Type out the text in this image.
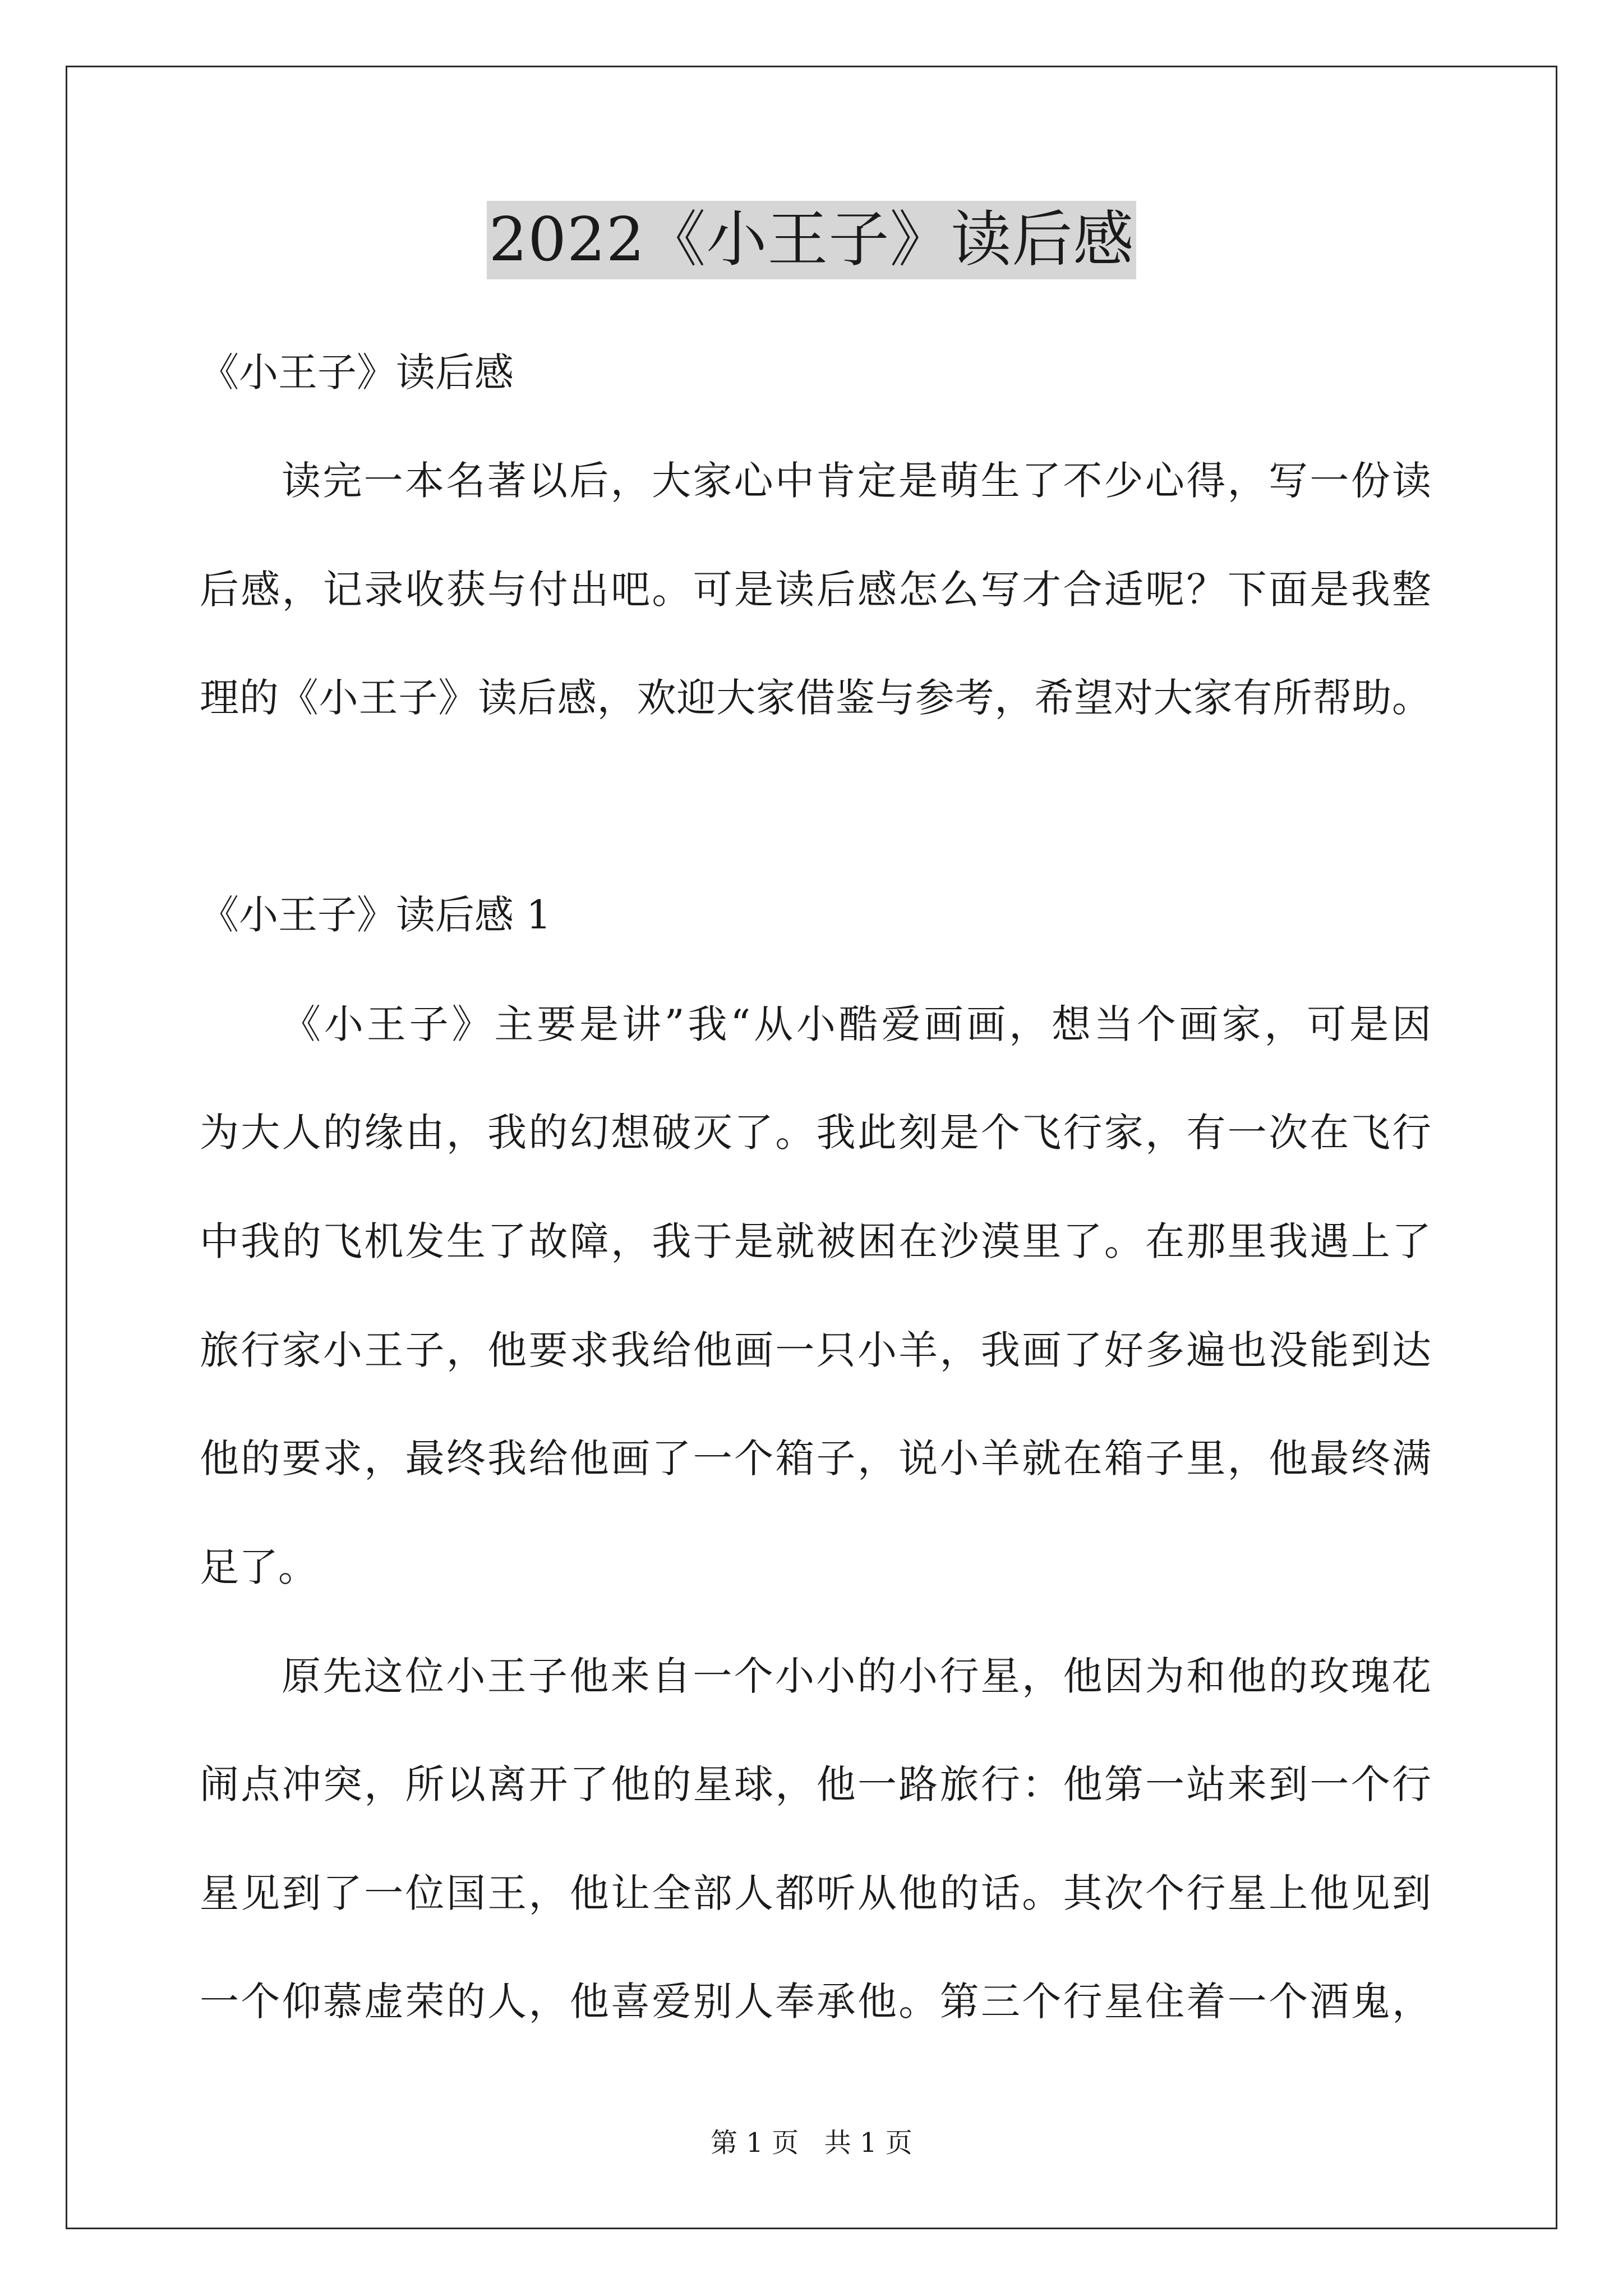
2022《小王子》读后感
《小王子》读后感
读完一本名著以后，大家心中肯定是萌生了不少心得，写一份读
后感，记录收获与付出吧。可是读后感怎么写才合适呢？下面是我整
理的《小王子》读后感，欢迎大家借鉴与参考，希望对大家有所帮助。
《小王子》读后感 1
《小王子》主要是讲”我“从小酷爱画画，想当个画家，可是因
为大人的缘由，我的幻想破灭了。我此刻是个飞行家，有一次在飞行
中我的飞机发生了故障，我于是就被困在沙漠里了。在那里我遇上了
旅行家小王子，他要求我给他画一只小羊，我画了好多遍也没能到达
他的要求，最终我给他画了一个箱子，说小羊就在箱子里，他最终满
足了。
原先这位小王子他来自一个小小的小行星，他因为和他的玫瑰花
闹点冲突，所以离开了他的星球，他一路旅行：他第一站来到一个行
星见到了一位国王，他让全部人都听从他的话。其次个行星上他见到
一个仰慕虚荣的人，他喜爱别人奉承他。第三个行星住着一个酒鬼，
第 1 页   共 1 页
